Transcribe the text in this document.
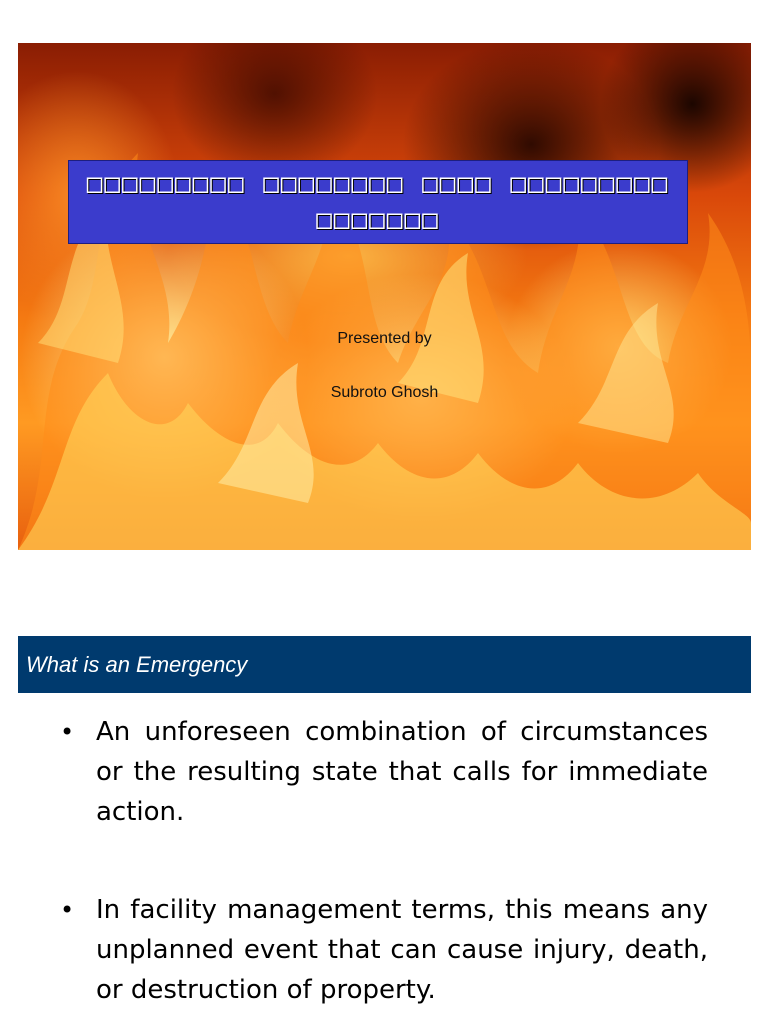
□□□□□□□□□ □□□□□□□□ □□□□ □□□□□□□□□ □□□□□□□
Presented by
Subroto Ghosh
What is an Emergency
• An unforeseen combination of circumstances or the resulting state that calls for immediate action.
• In facility management terms, this means any unplanned event that can cause injury, death, or destruction of property.
